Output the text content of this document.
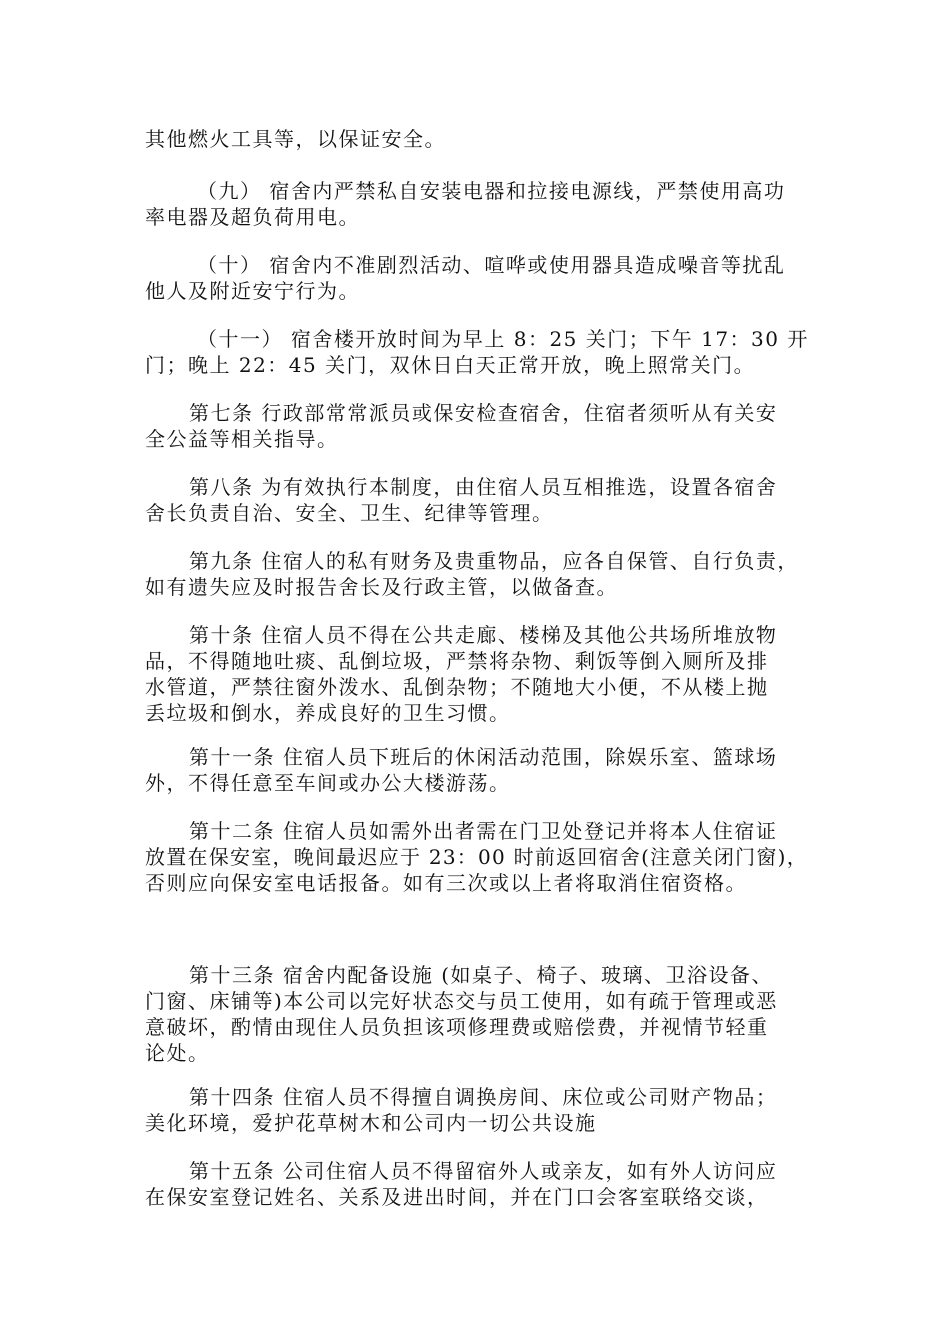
其他燃火工具等，以保证安全。

（九） 宿舍内严禁私自安装电器和拉接电源线，严禁使用高功
率电器及超负荷用电。

（十） 宿舍内不准剧烈活动、喧哗或使用器具造成噪音等扰乱
他人及附近安宁行为。

（十一） 宿舍楼开放时间为早上 8：25 关门；下午 17：30 开
门；晚上 22：45 关门，双休日白天正常开放，晚上照常关门。

第七条 行政部常常派员或保安检查宿舍，住宿者须听从有关安
全公益等相关指导。

第八条 为有效执行本制度，由住宿人员互相推选，设置各宿舍
舍长负责自治、安全、卫生、纪律等管理。

第九条 住宿人的私有财务及贵重物品，应各自保管、自行负责，
如有遗失应及时报告舍长及行政主管，以做备查。

第十条 住宿人员不得在公共走廊、楼梯及其他公共场所堆放物
品，不得随地吐痰、乱倒垃圾，严禁将杂物、剩饭等倒入厕所及排
水管道，严禁往窗外泼水、乱倒杂物；不随地大小便，不从楼上抛
丢垃圾和倒水，养成良好的卫生习惯。

第十一条 住宿人员下班后的休闲活动范围，除娱乐室、篮球场
外，不得任意至车间或办公大楼游荡。

第十二条 住宿人员如需外出者需在门卫处登记并将本人住宿证
放置在保安室，晚间最迟应于 23：00 时前返回宿舍(注意关闭门窗)，
否则应向保安室电话报备。如有三次或以上者将取消住宿资格。

第十三条 宿舍内配备设施 (如桌子、椅子、玻璃、卫浴设备、
门窗、床铺等)本公司以完好状态交与员工使用，如有疏于管理或恶
意破坏，酌情由现住人员负担该项修理费或赔偿费，并视情节轻重
论处。

第十四条 住宿人员不得擅自调换房间、床位或公司财产物品；
美化环境，爱护花草树木和公司内一切公共设施

第十五条 公司住宿人员不得留宿外人或亲友，如有外人访问应
在保安室登记姓名、关系及进出时间，并在门口会客室联络交谈，
